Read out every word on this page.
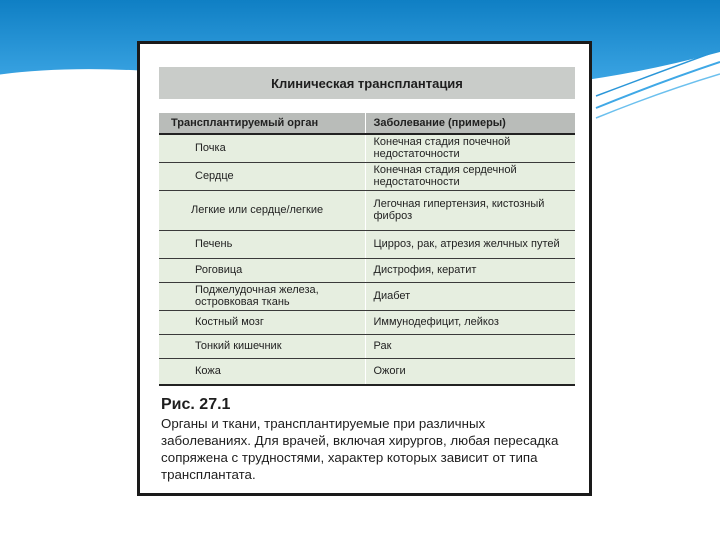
Клиническая трансплантация
Трансплантируемый орган	Заболевание (примеры)
Почка	Конечная стадия почечной недостаточности
Сердце	Конечная стадия сердечной недостаточности
Легкие или сердце/легкие	Легочная гипертензия, кистозный фиброз
Печень	Цирроз, рак, атрезия желчных путей
Роговица	Дистрофия, кератит
Поджелудочная железа, островковая ткань	Диабет
Костный мозг	Иммунодефицит, лейкоз
Тонкий кишечник	Рак
Кожа	Ожоги
Рис. 27.1
Органы и ткани, трансплантируемые при различных заболеваниях. Для врачей, включая хирургов, любая пересадка сопряжена с трудностями, характер которых зависит от типа трансплантата.
